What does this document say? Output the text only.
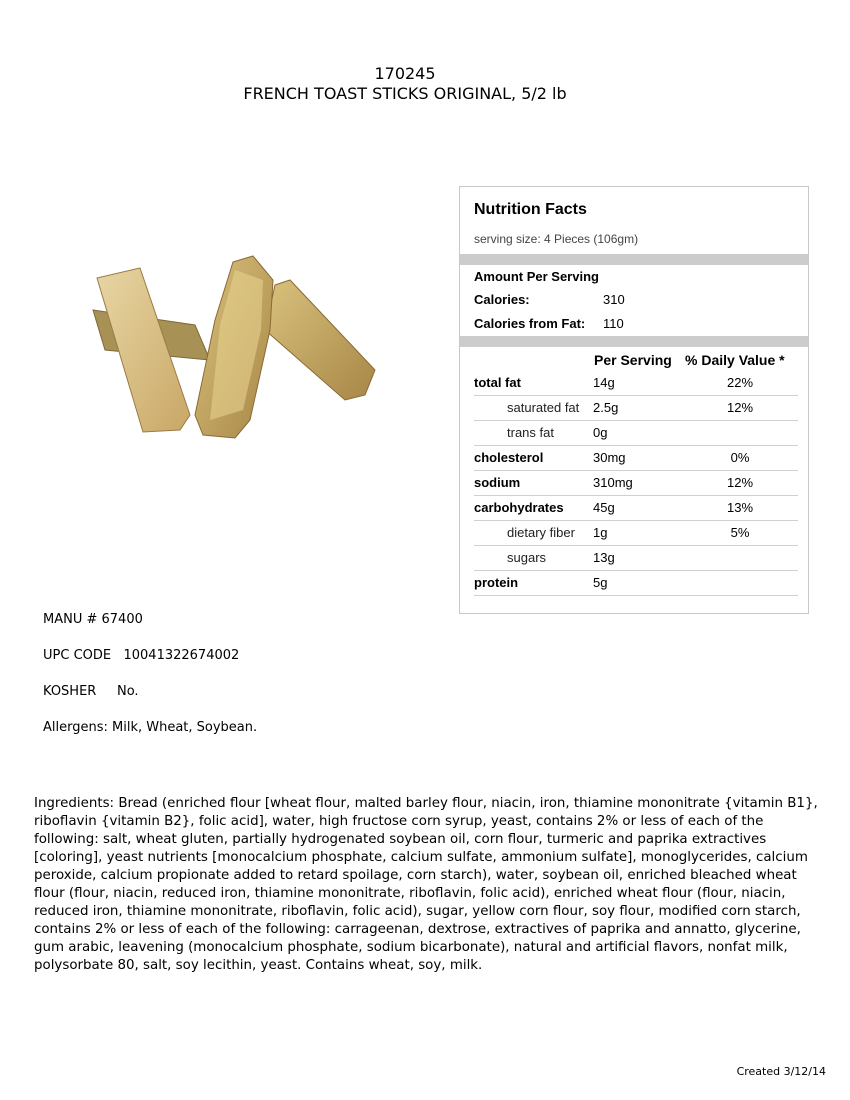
170245
FRENCH TOAST STICKS ORIGINAL, 5/2 lb
Nutrition Facts
serving size: 4 Pieces (106gm)
Amount Per Serving
Calories:	310
Calories from Fat: 110
Per Serving % Daily Value *
total fat	14g	22%
saturated fat 2.5g	12%
trans fat	0g
cholesterol	30mg	0%
sodium	310mg	12%
carbohydrates 45g	13%
dietary fiber 1g	5%
sugars	13g
protein	5g
MANU # 67400
UPC CODE   10041322674002
KOSHER     No.
Allergens: Milk, Wheat, Soybean.
Ingredients: Bread (enriched flour [wheat flour, malted barley flour, niacin, iron, thiamine mononitrate {vitamin B1}, riboflavin {vitamin B2}, folic acid], water, high fructose corn syrup, yeast, contains 2% or less of each of the following: salt, wheat gluten, partially hydrogenated soybean oil, corn flour, turmeric and paprika extractives [coloring], yeast nutrients [monocalcium phosphate, calcium sulfate, ammonium sulfate], monoglycerides, calcium peroxide, calcium propionate added to retard spoilage, corn starch), water, soybean oil, enriched bleached wheat flour (flour, niacin, reduced iron, thiamine mononitrate, riboflavin, folic acid), enriched wheat flour (flour, niacin, reduced iron, thiamine mononitrate, riboflavin, folic acid), sugar, yellow corn flour, soy flour, modified corn starch, contains 2% or less of each of the following: carrageenan, dextrose, extractives of paprika and annatto, glycerine, gum arabic, leavening (monocalcium phosphate, sodium bicarbonate), natural and artificial flavors, nonfat milk, polysorbate 80, salt, soy lecithin, yeast. Contains wheat, soy, milk.
Created 3/12/14
